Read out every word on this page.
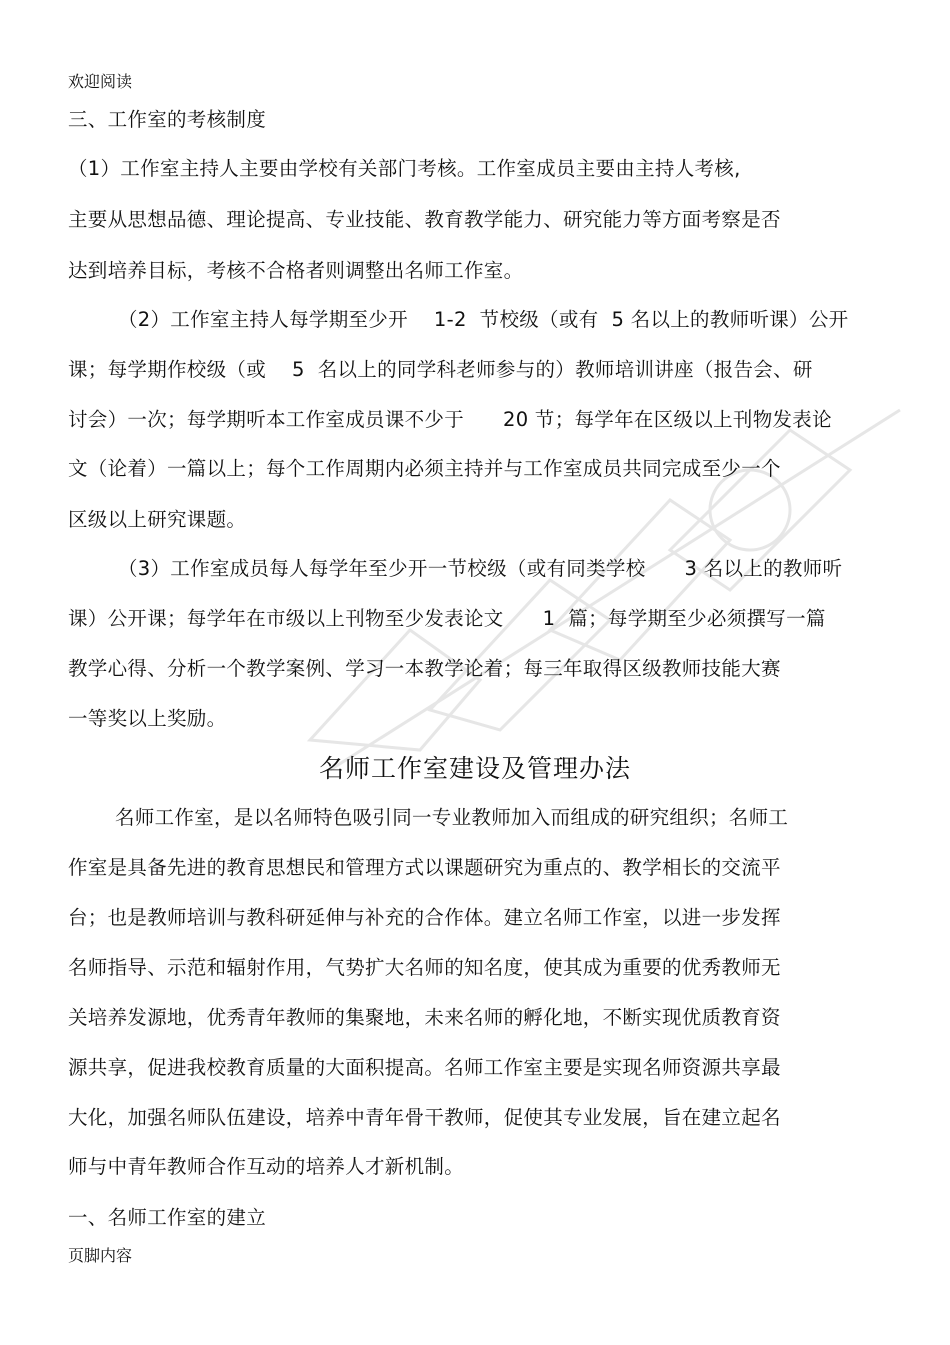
欢迎阅读
三、工作室的考核制度
（1）工作室主持人主要由学校有关部门考核。工作室成员主要由主持人考核,
主要从思想品德、理论提高、专业技能、教育教学能力、研究能力等方面考察是否
达到培养目标，考核不合格者则调整出名师工作室。
（2）工作室主持人每学期至少开    1-2  节校级（或有  5 名以上的教师听课）公开
课；每学期作校级（或    5  名以上的同学科老师参与的）教师培训讲座（报告会、研
讨会）一次；每学期听本工作室成员课不少于      20 节；每学年在区级以上刊物发表论
文（论着）一篇以上；每个工作周期内必须主持并与工作室成员共同完成至少一个
区级以上研究课题。
（3）工作室成员每人每学年至少开一节校级（或有同类学校      3 名以上的教师听
课）公开课；每学年在市级以上刊物至少发表论文      1  篇；每学期至少必须撰写一篇
教学心得、分析一个教学案例、学习一本教学论着；每三年取得区级教师技能大赛
一等奖以上奖励。
名师工作室建设及管理办法
名师工作室，是以名师特色吸引同一专业教师加入而组成的研究组织；名师工
作室是具备先进的教育思想民和管理方式以课题研究为重点的、教学相长的交流平
台；也是教师培训与教科研延伸与补充的合作体。建立名师工作室，以进一步发挥
名师指导、示范和辐射作用，气势扩大名师的知名度，使其成为重要的优秀教师无
关培养发源地，优秀青年教师的集聚地，未来名师的孵化地，不断实现优质教育资
源共享，促进我校教育质量的大面积提高。名师工作室主要是实现名师资源共享最
大化，加强名师队伍建设，培养中青年骨干教师，促使其专业发展，旨在建立起名
师与中青年教师合作互动的培养人才新机制。
一、名师工作室的建立
页脚内容
